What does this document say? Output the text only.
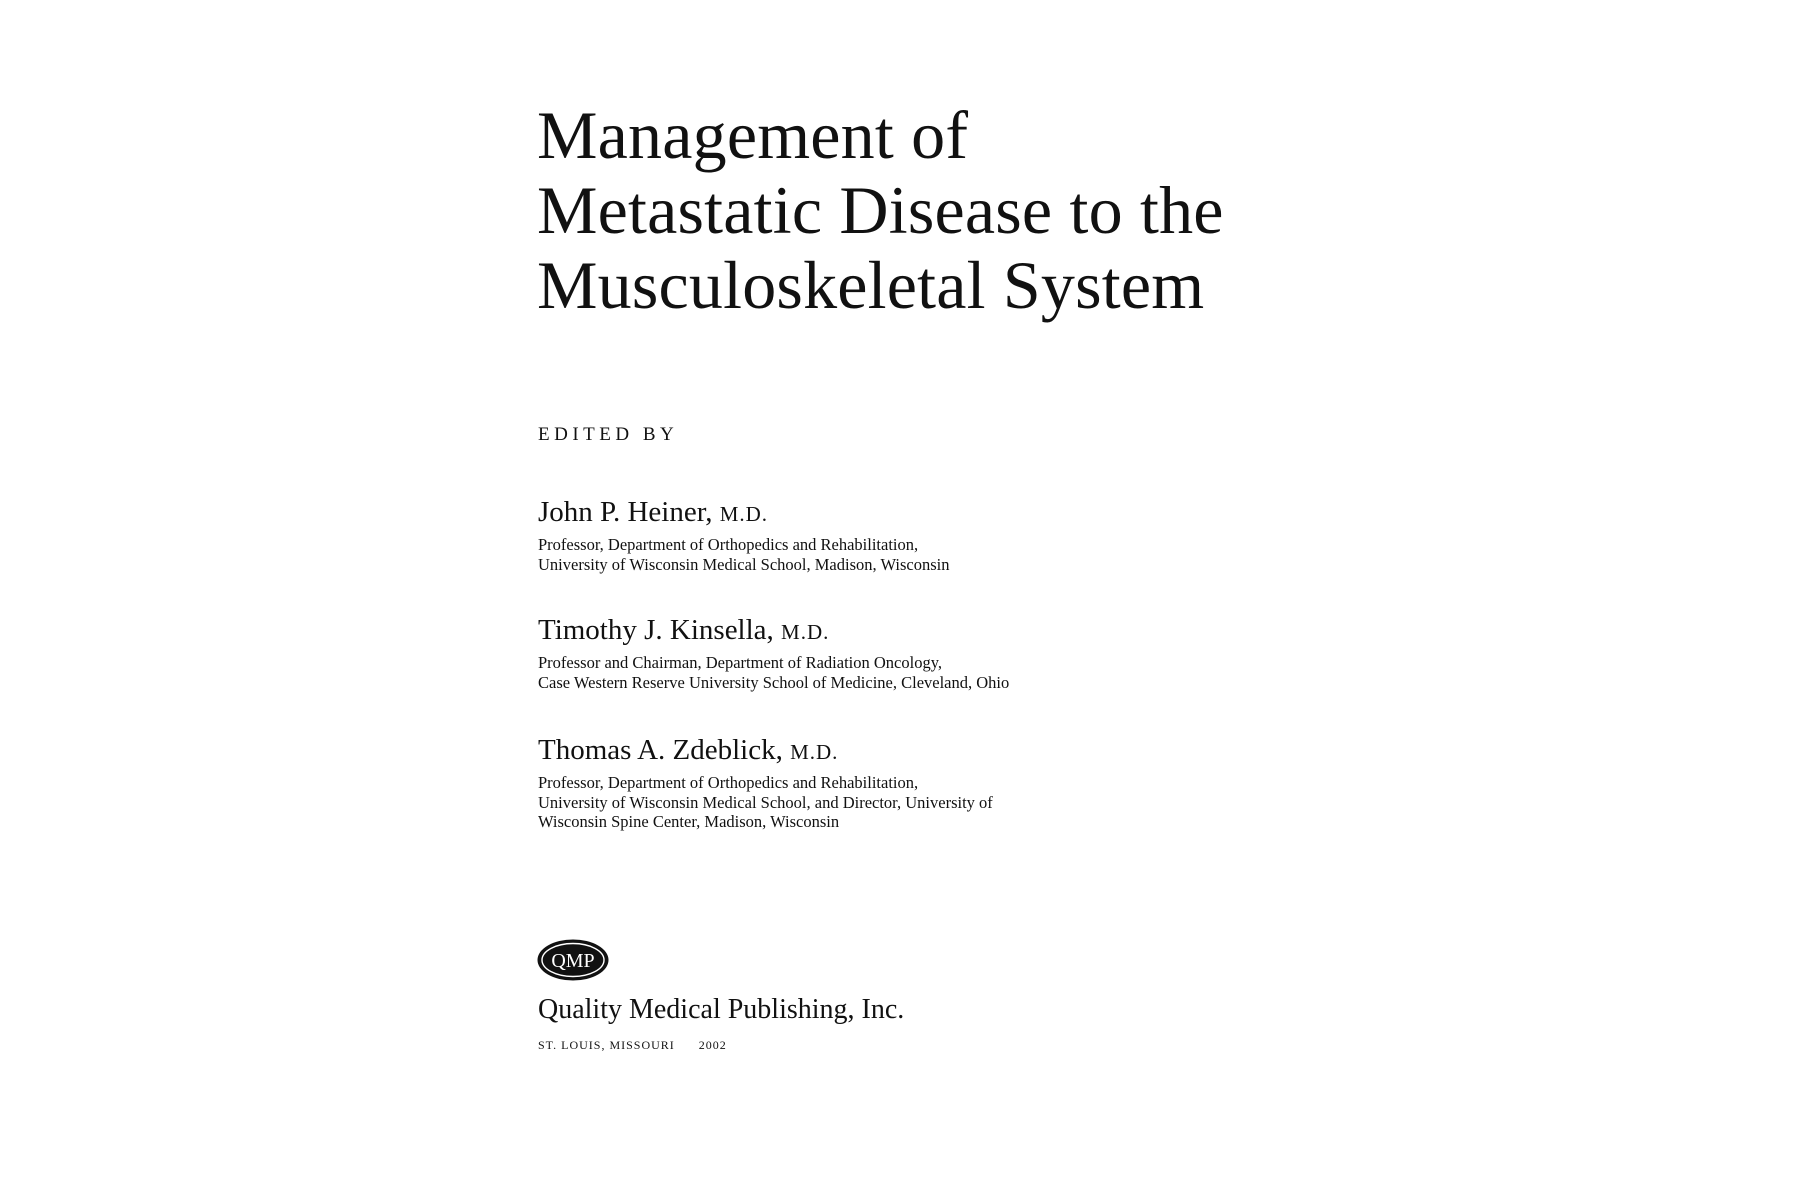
Management of
Metastatic Disease to the
Musculoskeletal System
EDITED BY
John P. Heiner, M.D.
Professor, Department of Orthopedics and Rehabilitation,
University of Wisconsin Medical School, Madison, Wisconsin
Timothy J. Kinsella, M.D.
Professor and Chairman, Department of Radiation Oncology,
Case Western Reserve University School of Medicine, Cleveland, Ohio
Thomas A. Zdeblick, M.D.
Professor, Department of Orthopedics and Rehabilitation,
University of Wisconsin Medical School, and Director, University of
Wisconsin Spine Center, Madison, Wisconsin
QMP
Quality Medical Publishing, Inc.
ST. LOUIS, MISSOURI 2002
